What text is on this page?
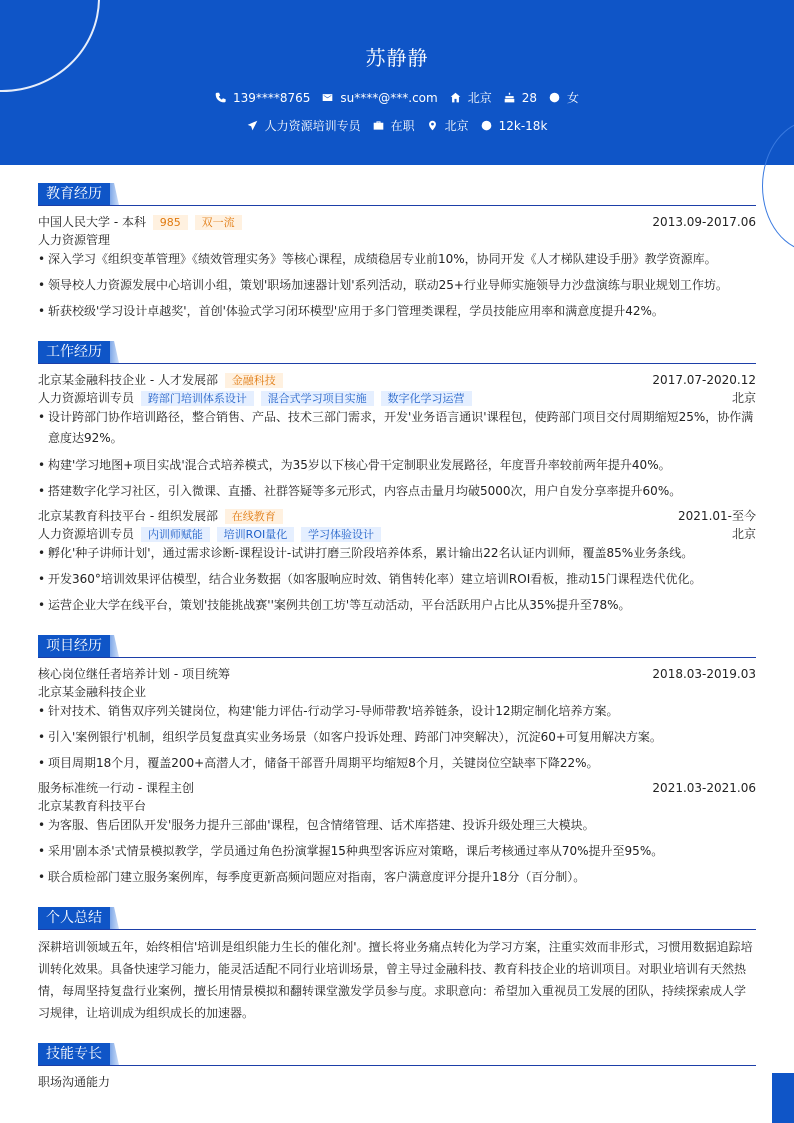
苏静静
139****8765	su****@***.com	北京	28	女
人力资源培训专员	在职	北京	12k-18k
教育经历
中国人民大学 - 本科 985 双一流	2013.09-2017.06
人力资源管理
• 深入学习《组织变革管理》《绩效管理实务》等核心课程，成绩稳居专业前10%，协同开发《人才梯队建设手册》教学资源库。
• 领导校人力资源发展中心培训小组，策划'职场加速器计划'系列活动，联动25+行业导师实施领导力沙盘演练与职业规划工作坊。
• 斩获校级'学习设计卓越奖'，首创'体验式学习闭环模型'应用于多门管理类课程，学员技能应用率和满意度提升42%。
工作经历
北京某金融科技企业 - 人才发展部 金融科技	2017.07-2020.12
人力资源培训专员 跨部门培训体系设计 混合式学习项目实施 数字化学习运营	北京
• 设计跨部门协作培训路径，整合销售、产品、技术三部门需求，开发'业务语言通识'课程包，使跨部门项目交付周期缩短25%，协作满意度达92%。
• 构建'学习地图+项目实战'混合式培养模式，为35岁以下核心骨干定制职业发展路径，年度晋升率较前两年提升40%。
• 搭建数字化学习社区，引入微课、直播、社群答疑等多元形式，内容点击量月均破5000次，用户自发分享率提升60%。
北京某教育科技平台 - 组织发展部 在线教育	2021.01-至今
人力资源培训专员 内训师赋能 培训ROI量化 学习体验设计	北京
• 孵化'种子讲师计划'，通过需求诊断-课程设计-试讲打磨三阶段培养体系，累计输出22名认证内训师，覆盖85%业务条线。
• 开发360°培训效果评估模型，结合业务数据（如客服响应时效、销售转化率）建立培训ROI看板，推动15门课程迭代优化。
• 运营企业大学在线平台，策划'技能挑战赛''案例共创工坊'等互动活动，平台活跃用户占比从35%提升至78%。
项目经历
核心岗位继任者培养计划 - 项目统筹	2018.03-2019.03
北京某金融科技企业
• 针对技术、销售双序列关键岗位，构建'能力评估-行动学习-导师带教'培养链条，设计12期定制化培养方案。
• 引入'案例银行'机制，组织学员复盘真实业务场景（如客户投诉处理、跨部门冲突解决），沉淀60+可复用解决方案。
• 项目周期18个月，覆盖200+高潜人才，储备干部晋升周期平均缩短8个月，关键岗位空缺率下降22%。
服务标准统一行动 - 课程主创	2021.03-2021.06
北京某教育科技平台
• 为客服、售后团队开发'服务力提升三部曲'课程，包含情绪管理、话术库搭建、投诉升级处理三大模块。
• 采用'剧本杀'式情景模拟教学，学员通过角色扮演掌握15种典型客诉应对策略，课后考核通过率从70%提升至95%。
• 联合质检部门建立服务案例库，每季度更新高频问题应对指南，客户满意度评分提升18分（百分制）。
个人总结
深耕培训领域五年，始终相信'培训是组织能力生长的催化剂'。擅长将业务痛点转化为学习方案，注重实效而非形式，习惯用数据追踪培
训转化效果。具备快速学习能力，能灵活适配不同行业培训场景，曾主导过金融科技、教育科技企业的培训项目。对职业培训有天然热
情，每周坚持复盘行业案例，擅长用情景模拟和翻转课堂激发学员参与度。求职意向：希望加入重视员工发展的团队，持续探索成人学
习规律，让培训成为组织成长的加速器。
技能专长
职场沟通能力
